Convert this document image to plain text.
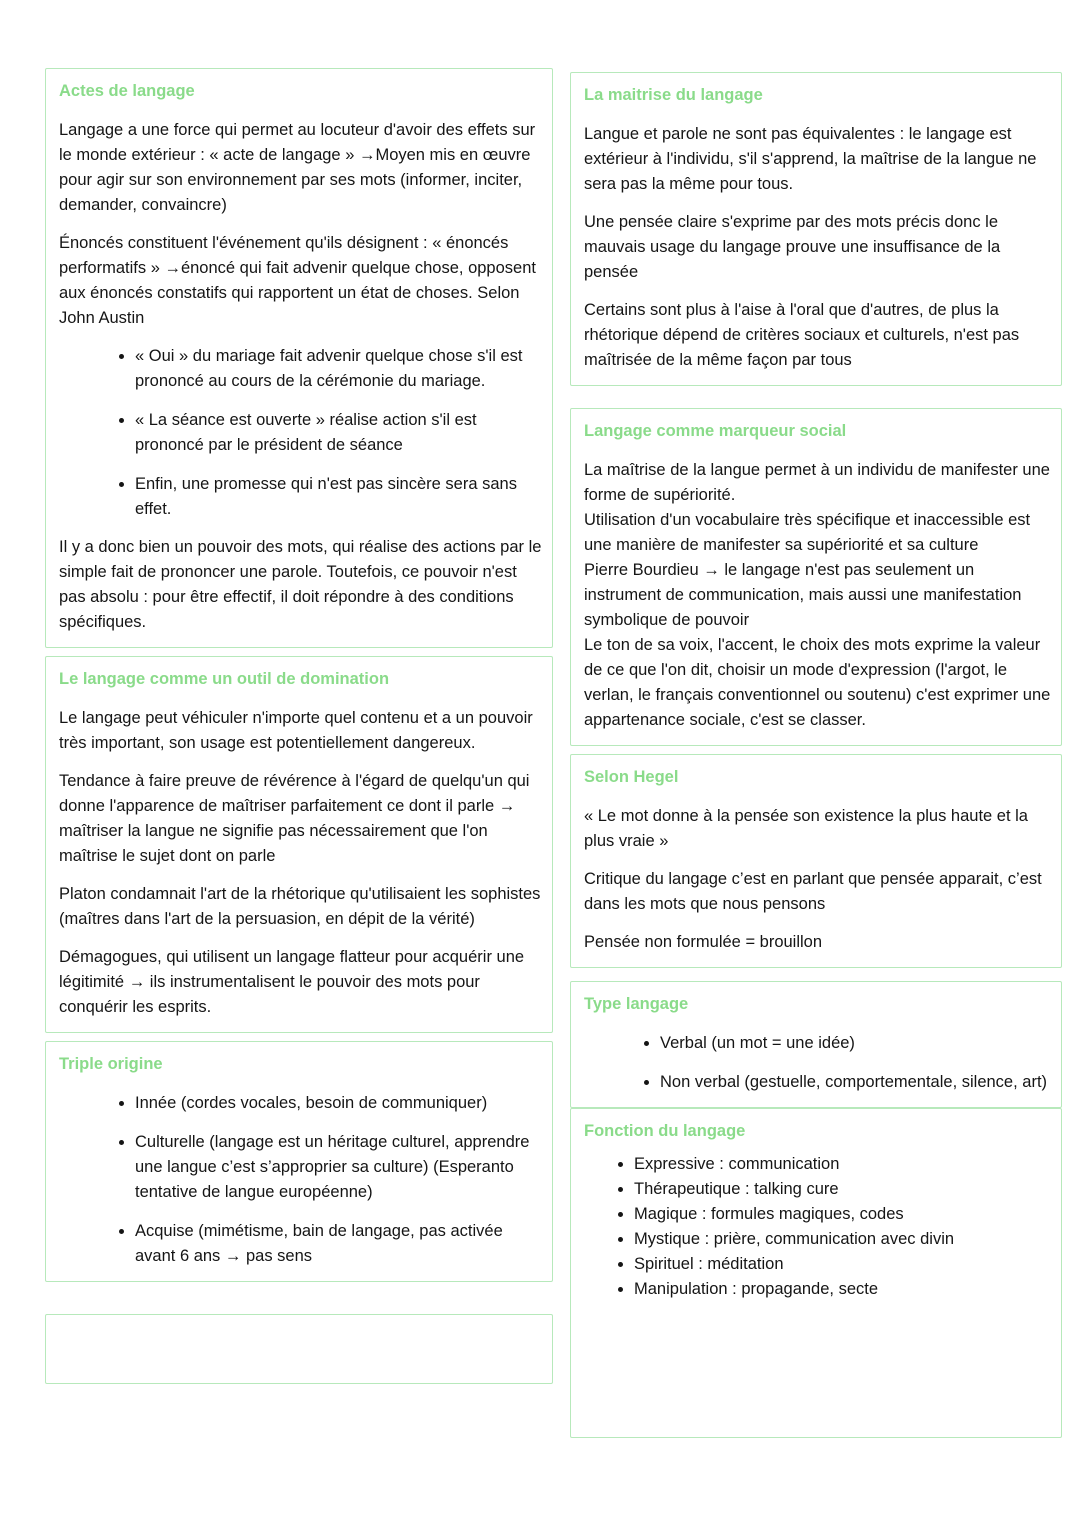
Actes de langage

Langage a une force qui permet au locuteur d'avoir des effets sur le monde extérieur : « acte de langage » →Moyen mis en œuvre pour agir sur son environnement par ses mots (informer, inciter, demander, convaincre)

Énoncés constituent l'événement qu'ils désignent : « énoncés performatifs » →énoncé qui fait advenir quelque chose, opposent aux énoncés constatifs qui rapportent un état de choses. Selon John Austin

• « Oui » du mariage fait advenir quelque chose s'il est prononcé au cours de la cérémonie du mariage.
• « La séance est ouverte » réalise action s'il est prononcé par le président de séance
• Enfin, une promesse qui n'est pas sincère sera sans effet.

Il y a donc bien un pouvoir des mots, qui réalise des actions par le simple fait de prononcer une parole. Toutefois, ce pouvoir n'est pas absolu : pour être effectif, il doit répondre à des conditions spécifiques.

Le langage comme un outil de domination

Le langage peut véhiculer n'importe quel contenu et a un pouvoir très important, son usage est potentiellement dangereux.

Tendance à faire preuve de révérence à l'égard de quelqu'un qui donne l'apparence de maîtriser parfaitement ce dont il parle → maîtriser la langue ne signifie pas nécessairement que l'on maîtrise le sujet dont on parle

Platon condamnait l'art de la rhétorique qu'utilisaient les sophistes (maîtres dans l'art de la persuasion, en dépit de la vérité)

Démagogues, qui utilisent un langage flatteur pour acquérir une légitimité → ils instrumentalisent le pouvoir des mots pour conquérir les esprits.

Triple origine
• Innée (cordes vocales, besoin de communiquer)
• Culturelle (langage est un héritage culturel, apprendre une langue c’est s’approprier sa culture) (Esperanto tentative de langue européenne)
• Acquise (mimétisme, bain de langage, pas activée avant 6 ans → pas sens
La maitrise du langage

Langue et parole ne sont pas équivalentes : le langage est extérieur à l'individu, s'il s'apprend, la maîtrise de la langue ne sera pas la même pour tous.

Une pensée claire s'exprime par des mots précis donc le mauvais usage du langage prouve une insuffisance de la pensée

Certains sont plus à l'aise à l'oral que d'autres, de plus la rhétorique dépend de critères sociaux et culturels, n'est pas maîtrisée de la même façon par tous

Langage comme marqueur social

La maîtrise de la langue permet à un individu de manifester une forme de supériorité.

Utilisation d'un vocabulaire très spécifique et inaccessible est une manière de manifester sa supériorité et sa culture

Pierre Bourdieu → le langage n'est pas seulement un instrument de communication, mais aussi une manifestation symbolique de pouvoir

Le ton de sa voix, l'accent, le choix des mots exprime la valeur de ce que l'on dit, choisir un mode d'expression (l'argot, le verlan, le français conventionnel ou soutenu) c'est exprimer une appartenance sociale, c'est se classer.

Selon Hegel

« Le mot donne à la pensée son existence la plus haute et la plus vraie »

Critique du langage c’est en parlant que pensée apparait, c’est dans les mots que nous pensons

Pensée non formulée = brouillon

Type langage
• Verbal (un mot = une idée)
• Non verbal (gestuelle, comportementale, silence, art)
Fonction du langage
• Expressive : communication
• Thérapeutique : talking cure
• Magique : formules magiques, codes
• Mystique : prière, communication avec divin
• Spirituel : méditation
• Manipulation : propagande, secte
